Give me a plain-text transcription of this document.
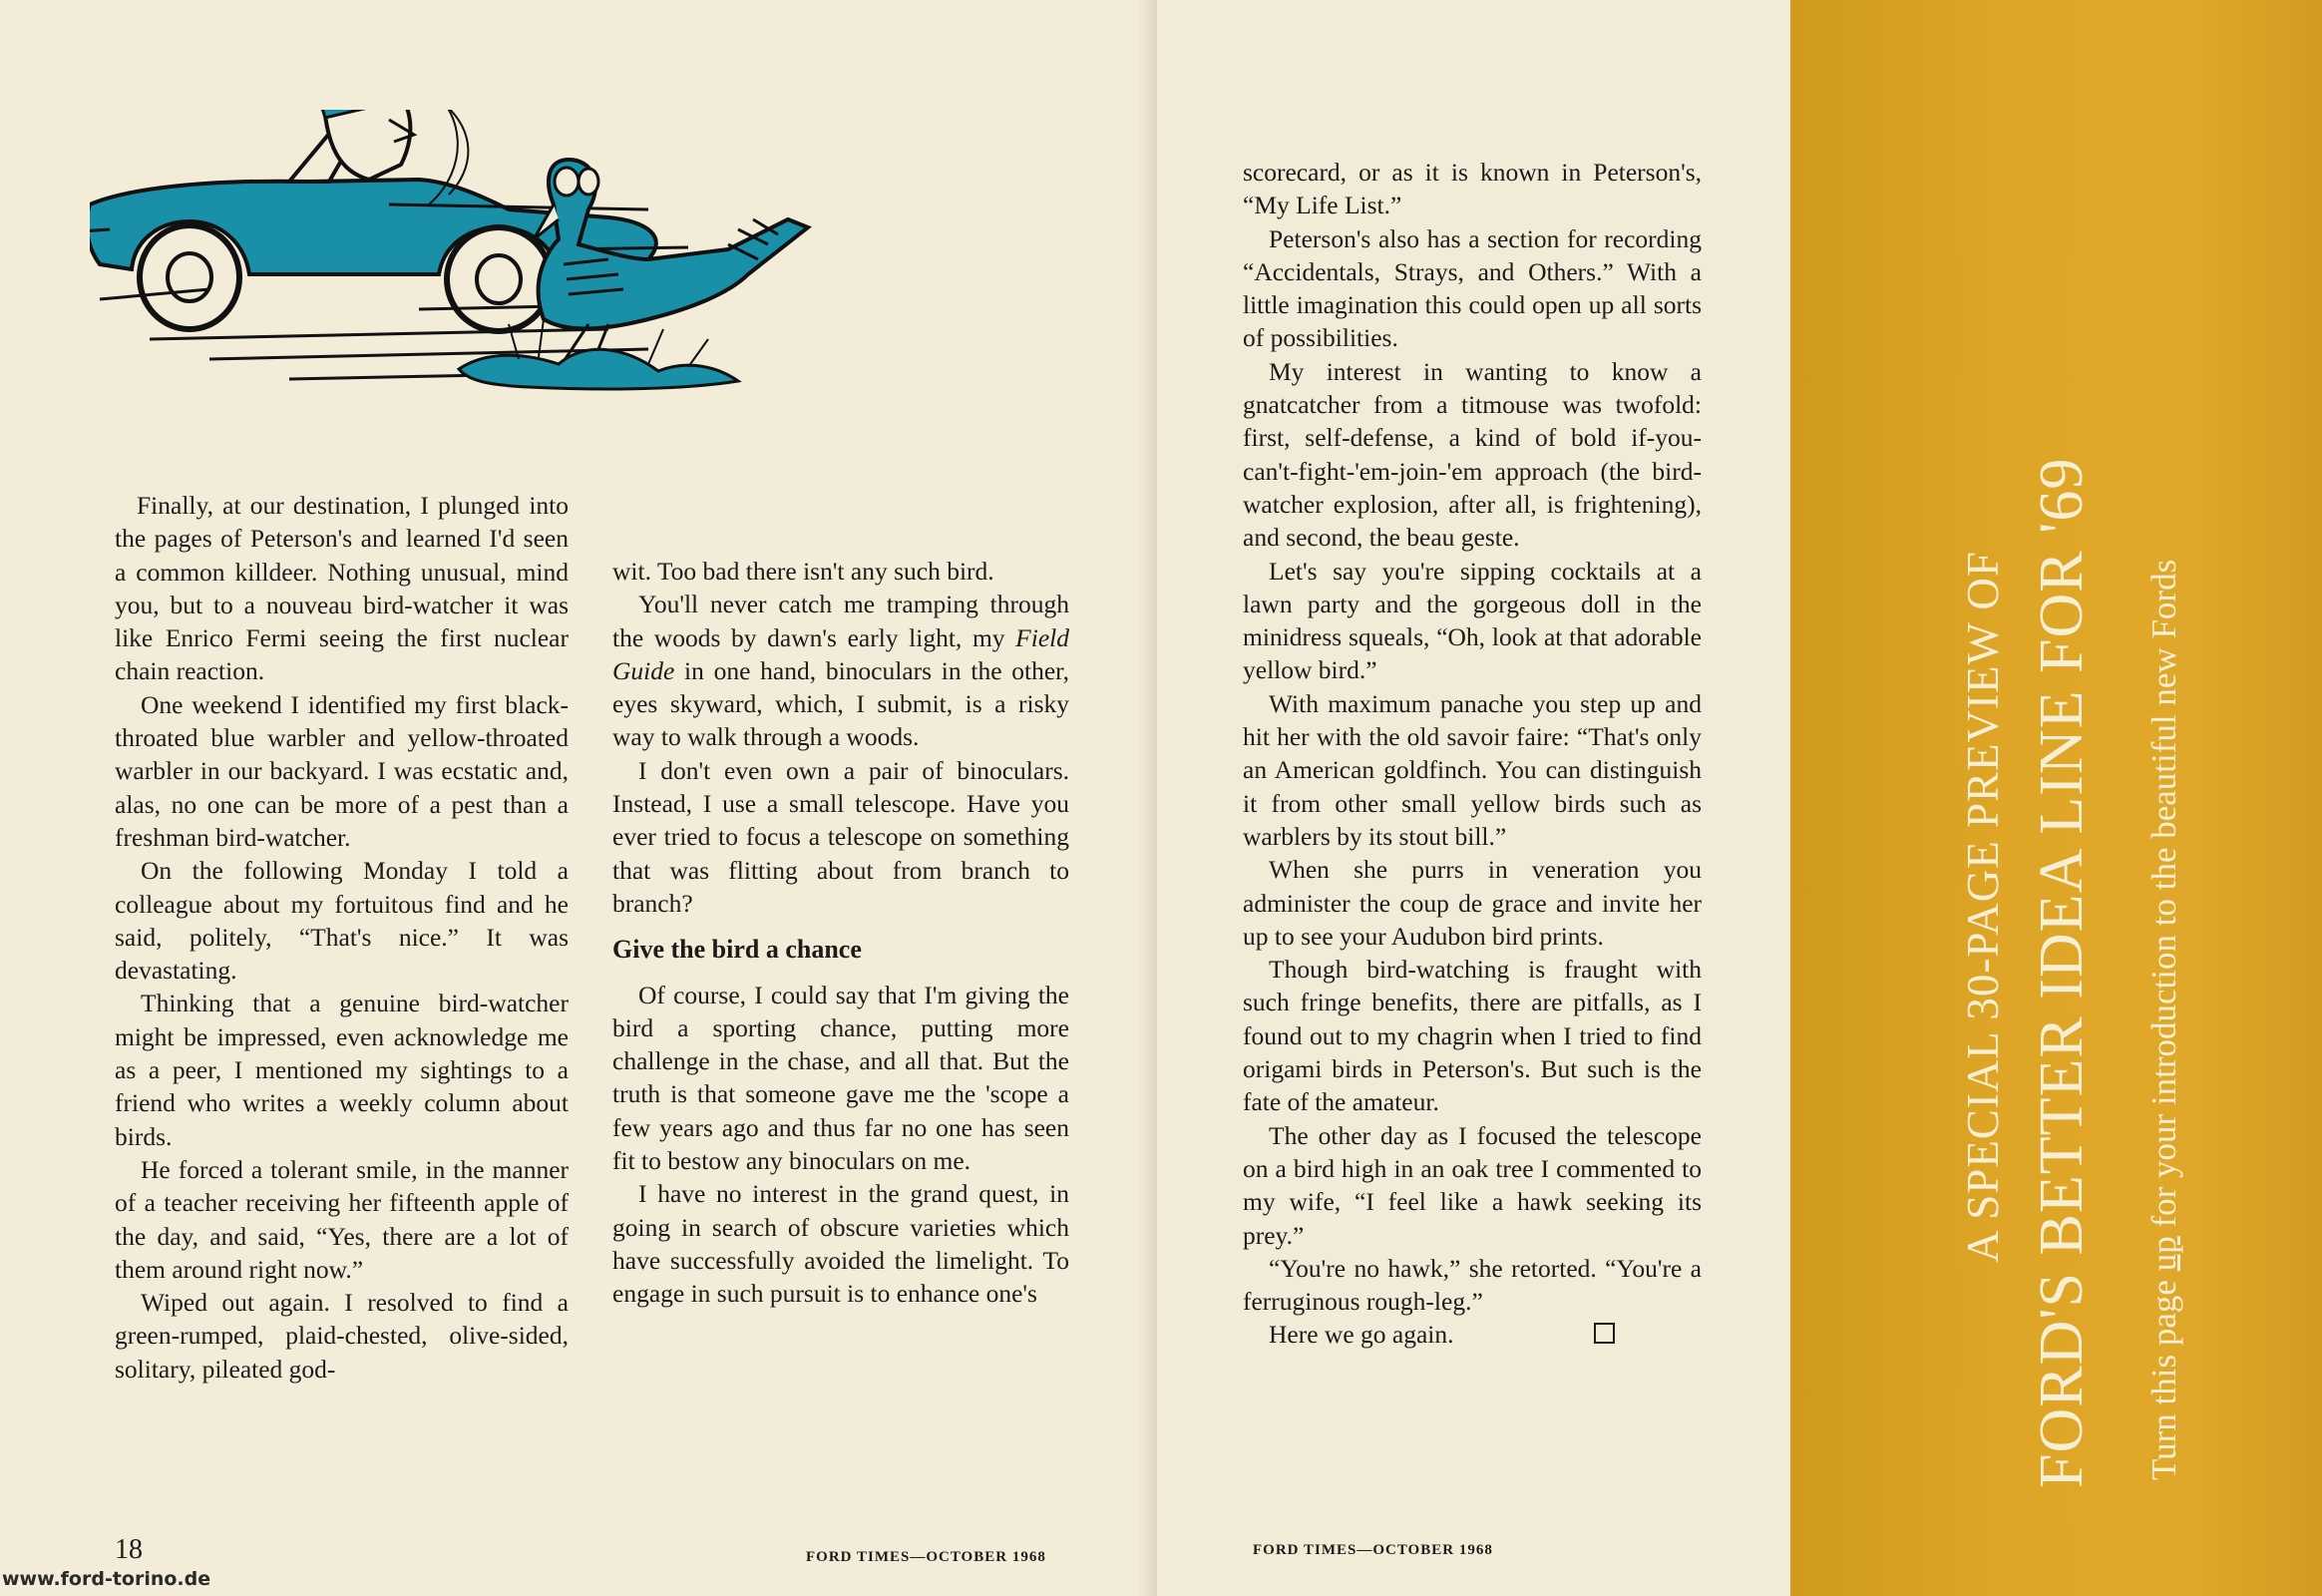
Finally, at our destination, I plunged into the pages of Peterson's and learned I'd seen a common killdeer. Nothing unusual, mind you, but to a nouveau bird-watcher it was like Enrico Fermi seeing the first nuclear chain reaction.

One weekend I identified my first black-throated blue warbler and yellow-throated warbler in our backyard. I was ecstatic and, alas, no one can be more of a pest than a freshman bird-watcher.

On the following Monday I told a colleague about my fortuitous find and he said, politely, “That's nice.” It was devastating.

Thinking that a genuine bird-watcher might be impressed, even acknowledge me as a peer, I mentioned my sightings to a friend who writes a weekly column about birds.

He forced a tolerant smile, in the manner of a teacher receiving her fifteenth apple of the day, and said, “Yes, there are a lot of them around right now.”

Wiped out again. I resolved to find a green-rumped, plaid-chested, olive-sided, solitary, pileated god-

wit. Too bad there isn't any such bird.

You'll never catch me tramping through the woods by dawn's early light, my Field Guide in one hand, binoculars in the other, eyes skyward, which, I submit, is a risky way to walk through a woods.

I don't even own a pair of binoculars. Instead, I use a small telescope. Have you ever tried to focus a telescope on something that was flitting about from branch to branch?

Give the bird a chance

Of course, I could say that I'm giving the bird a sporting chance, putting more challenge in the chase, and all that. But the truth is that someone gave me the 'scope a few years ago and thus far no one has seen fit to bestow any binoculars on me.

I have no interest in the grand quest, in going in search of obscure varieties which have successfully avoided the limelight. To engage in such pursuit is to enhance one's

18	FORD TIMES—OCTOBER 1968
www.ford-torino.de

scorecard, or as it is known in Peterson's, “My Life List.”

Peterson's also has a section for recording “Accidentals, Strays, and Others.” With a little imagination this could open up all sorts of possibilities.

My interest in wanting to know a gnatcatcher from a titmouse was twofold: first, self-defense, a kind of bold if-you-can't-fight-'em-join-'em approach (the bird-watcher explosion, after all, is frightening), and second, the beau geste.

Let's say you're sipping cocktails at a lawn party and the gorgeous doll in the minidress squeals, “Oh, look at that adorable yellow bird.”

With maximum panache you step up and hit her with the old savoir faire: “That's only an American goldfinch. You can distinguish it from other small yellow birds such as warblers by its stout bill.”

When she purrs in veneration you administer the coup de grace and invite her up to see your Audubon bird prints.

Though bird-watching is fraught with such fringe benefits, there are pitfalls, as I found out to my chagrin when I tried to find origami birds in Peterson's. But such is the fate of the amateur.

The other day as I focused the telescope on a bird high in an oak tree I commented to my wife, “I feel like a hawk seeking its prey.”

“You're no hawk,” she retorted. “You're a ferruginous rough-leg.”

Here we go again.

FORD TIMES—OCTOBER 1968
A SPECIAL 30-PAGE PREVIEW OF FORD'S BETTER IDEA LINE FOR '69 Turn this page up for your introduction to the beautiful new Fords
